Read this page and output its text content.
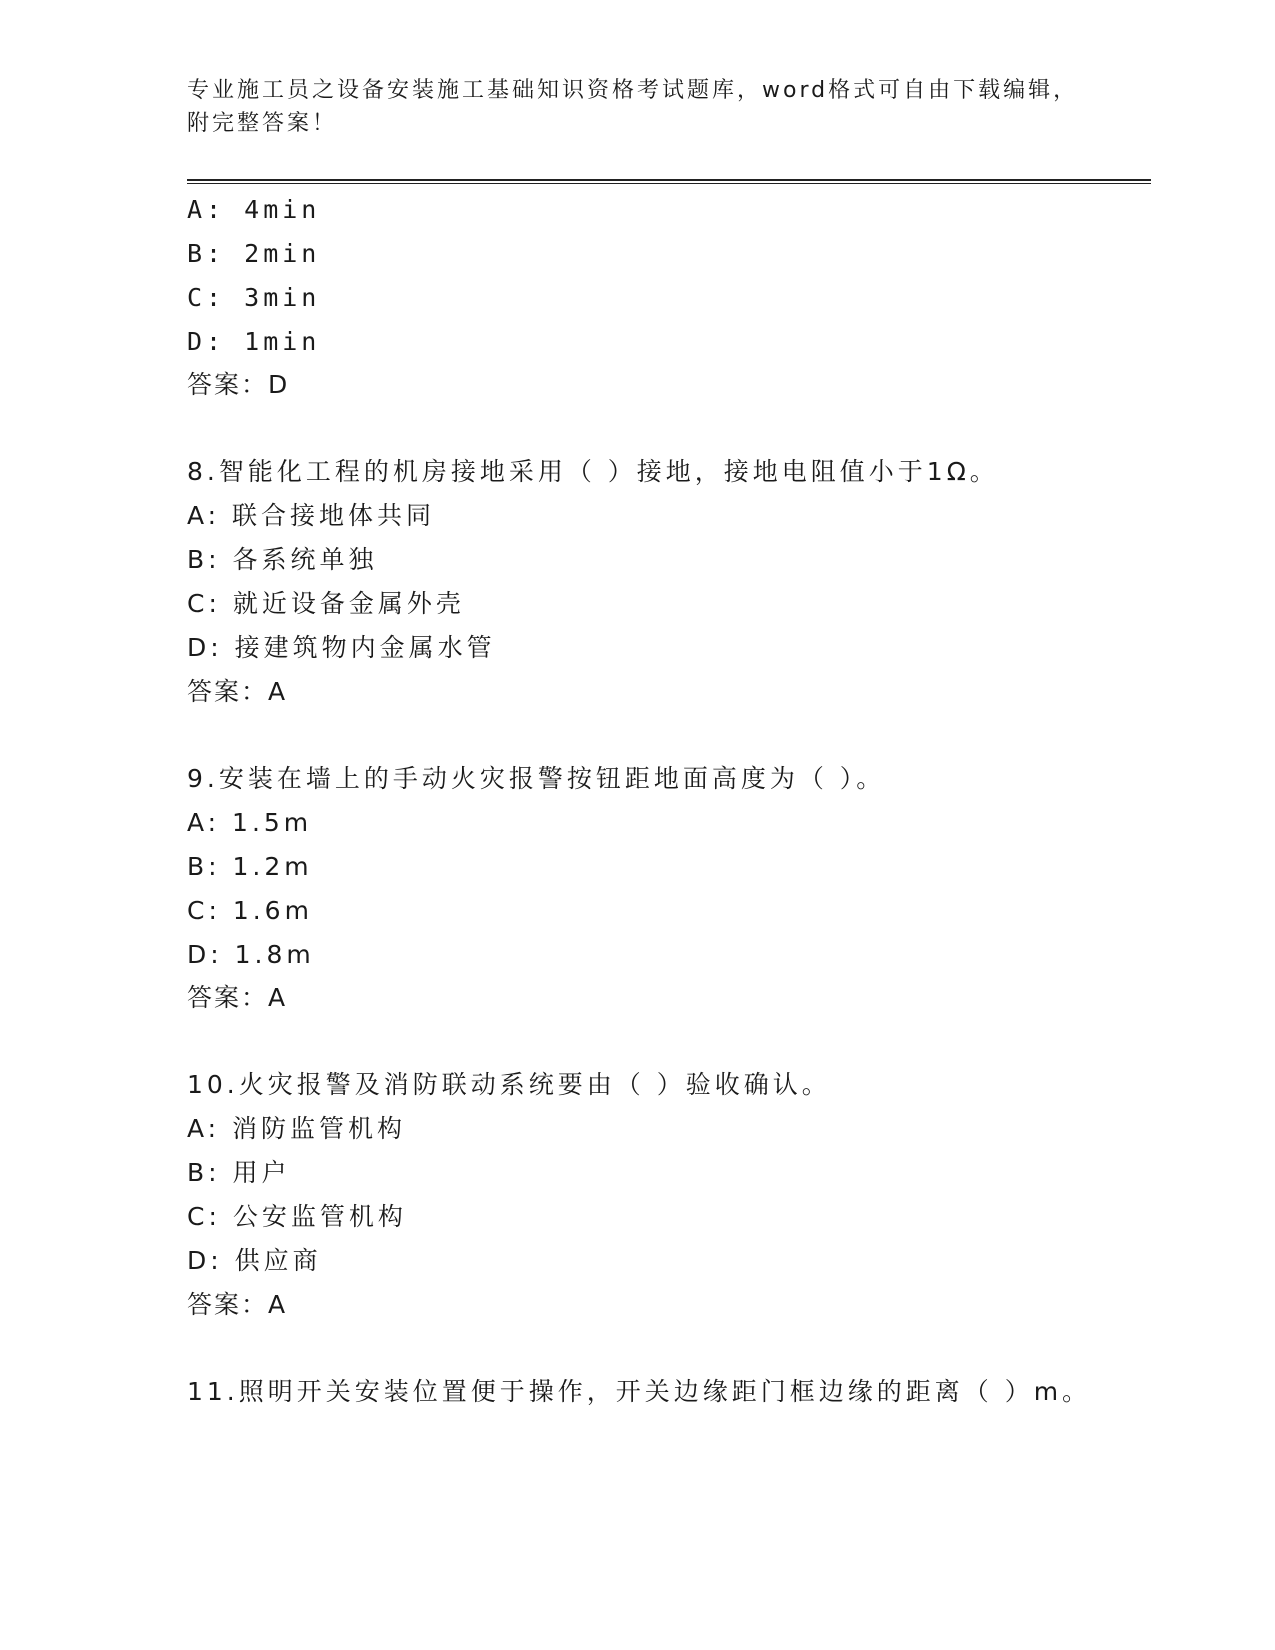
专业施工员之设备安装施工基础知识资格考试题库，word格式可自由下载编辑，
附完整答案！
A: 4min
B: 2min
C: 3min
D: 1min
答案：D
8.智能化工程的机房接地采用（ ）接地，接地电阻值小于1Ω。
A: 联合接地体共同
B: 各系统单独
C: 就近设备金属外壳
D: 接建筑物内金属水管
答案：A
9.安装在墙上的手动火灾报警按钮距地面高度为（ ）。
A: 1.5m
B: 1.2m
C: 1.6m
D: 1.8m
答案：A
10.火灾报警及消防联动系统要由（ ）验收确认。
A: 消防监管机构
B: 用户
C: 公安监管机构
D: 供应商
答案：A
11.照明开关安装位置便于操作，开关边缘距门框边缘的距离（ ）m。
